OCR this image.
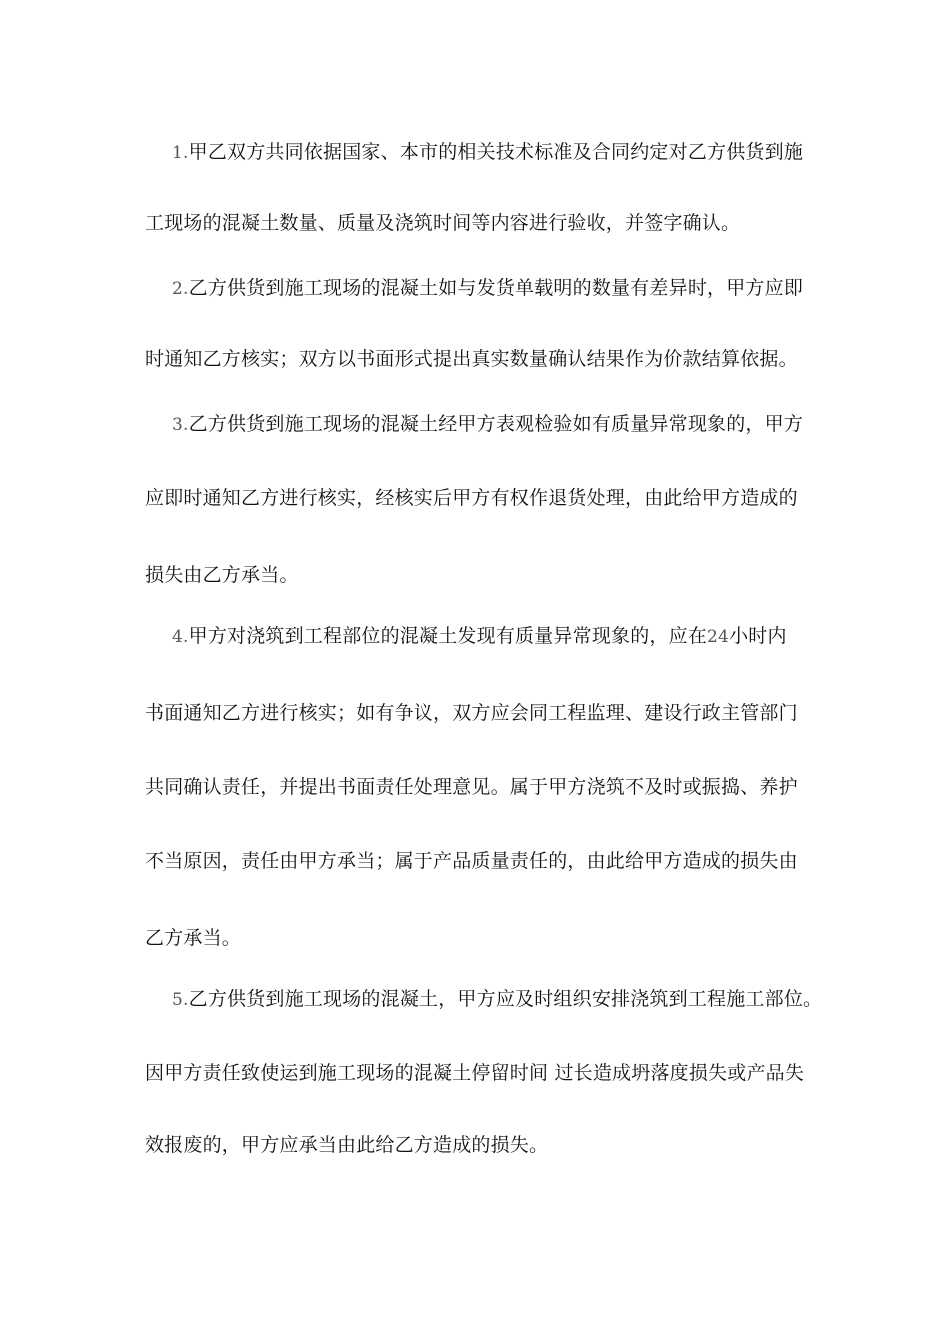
1.甲乙双方共同依据国家、本市的相关技术标准及合同约定对乙方供货到施
工现场的混凝土数量、质量及浇筑时间等内容进行验收，并签字确认。
2.乙方供货到施工现场的混凝土如与发货单载明的数量有差异时，甲方应即
时通知乙方核实；双方以书面形式提出真实数量确认结果作为价款结算依据。
3.乙方供货到施工现场的混凝土经甲方表观检验如有质量异常现象的，甲方
应即时通知乙方进行核实，经核实后甲方有权作退货处理，由此给甲方造成的
损失由乙方承当。
4.甲方对浇筑到工程部位的混凝土发现有质量异常现象的，应在24小时内
书面通知乙方进行核实；如有争议，双方应会同工程监理、建设行政主管部门
共同确认责任，并提出书面责任处理意见。属于甲方浇筑不及时或振捣、养护
不当原因，责任由甲方承当；属于产品质量责任的，由此给甲方造成的损失由
乙方承当。
5.乙方供货到施工现场的混凝土，甲方应及时组织安排浇筑到工程施工部位。
因甲方责任致使运到施工现场的混凝土停留时间 过长造成坍落度损失或产品失
效报废的，甲方应承当由此给乙方造成的损失。
